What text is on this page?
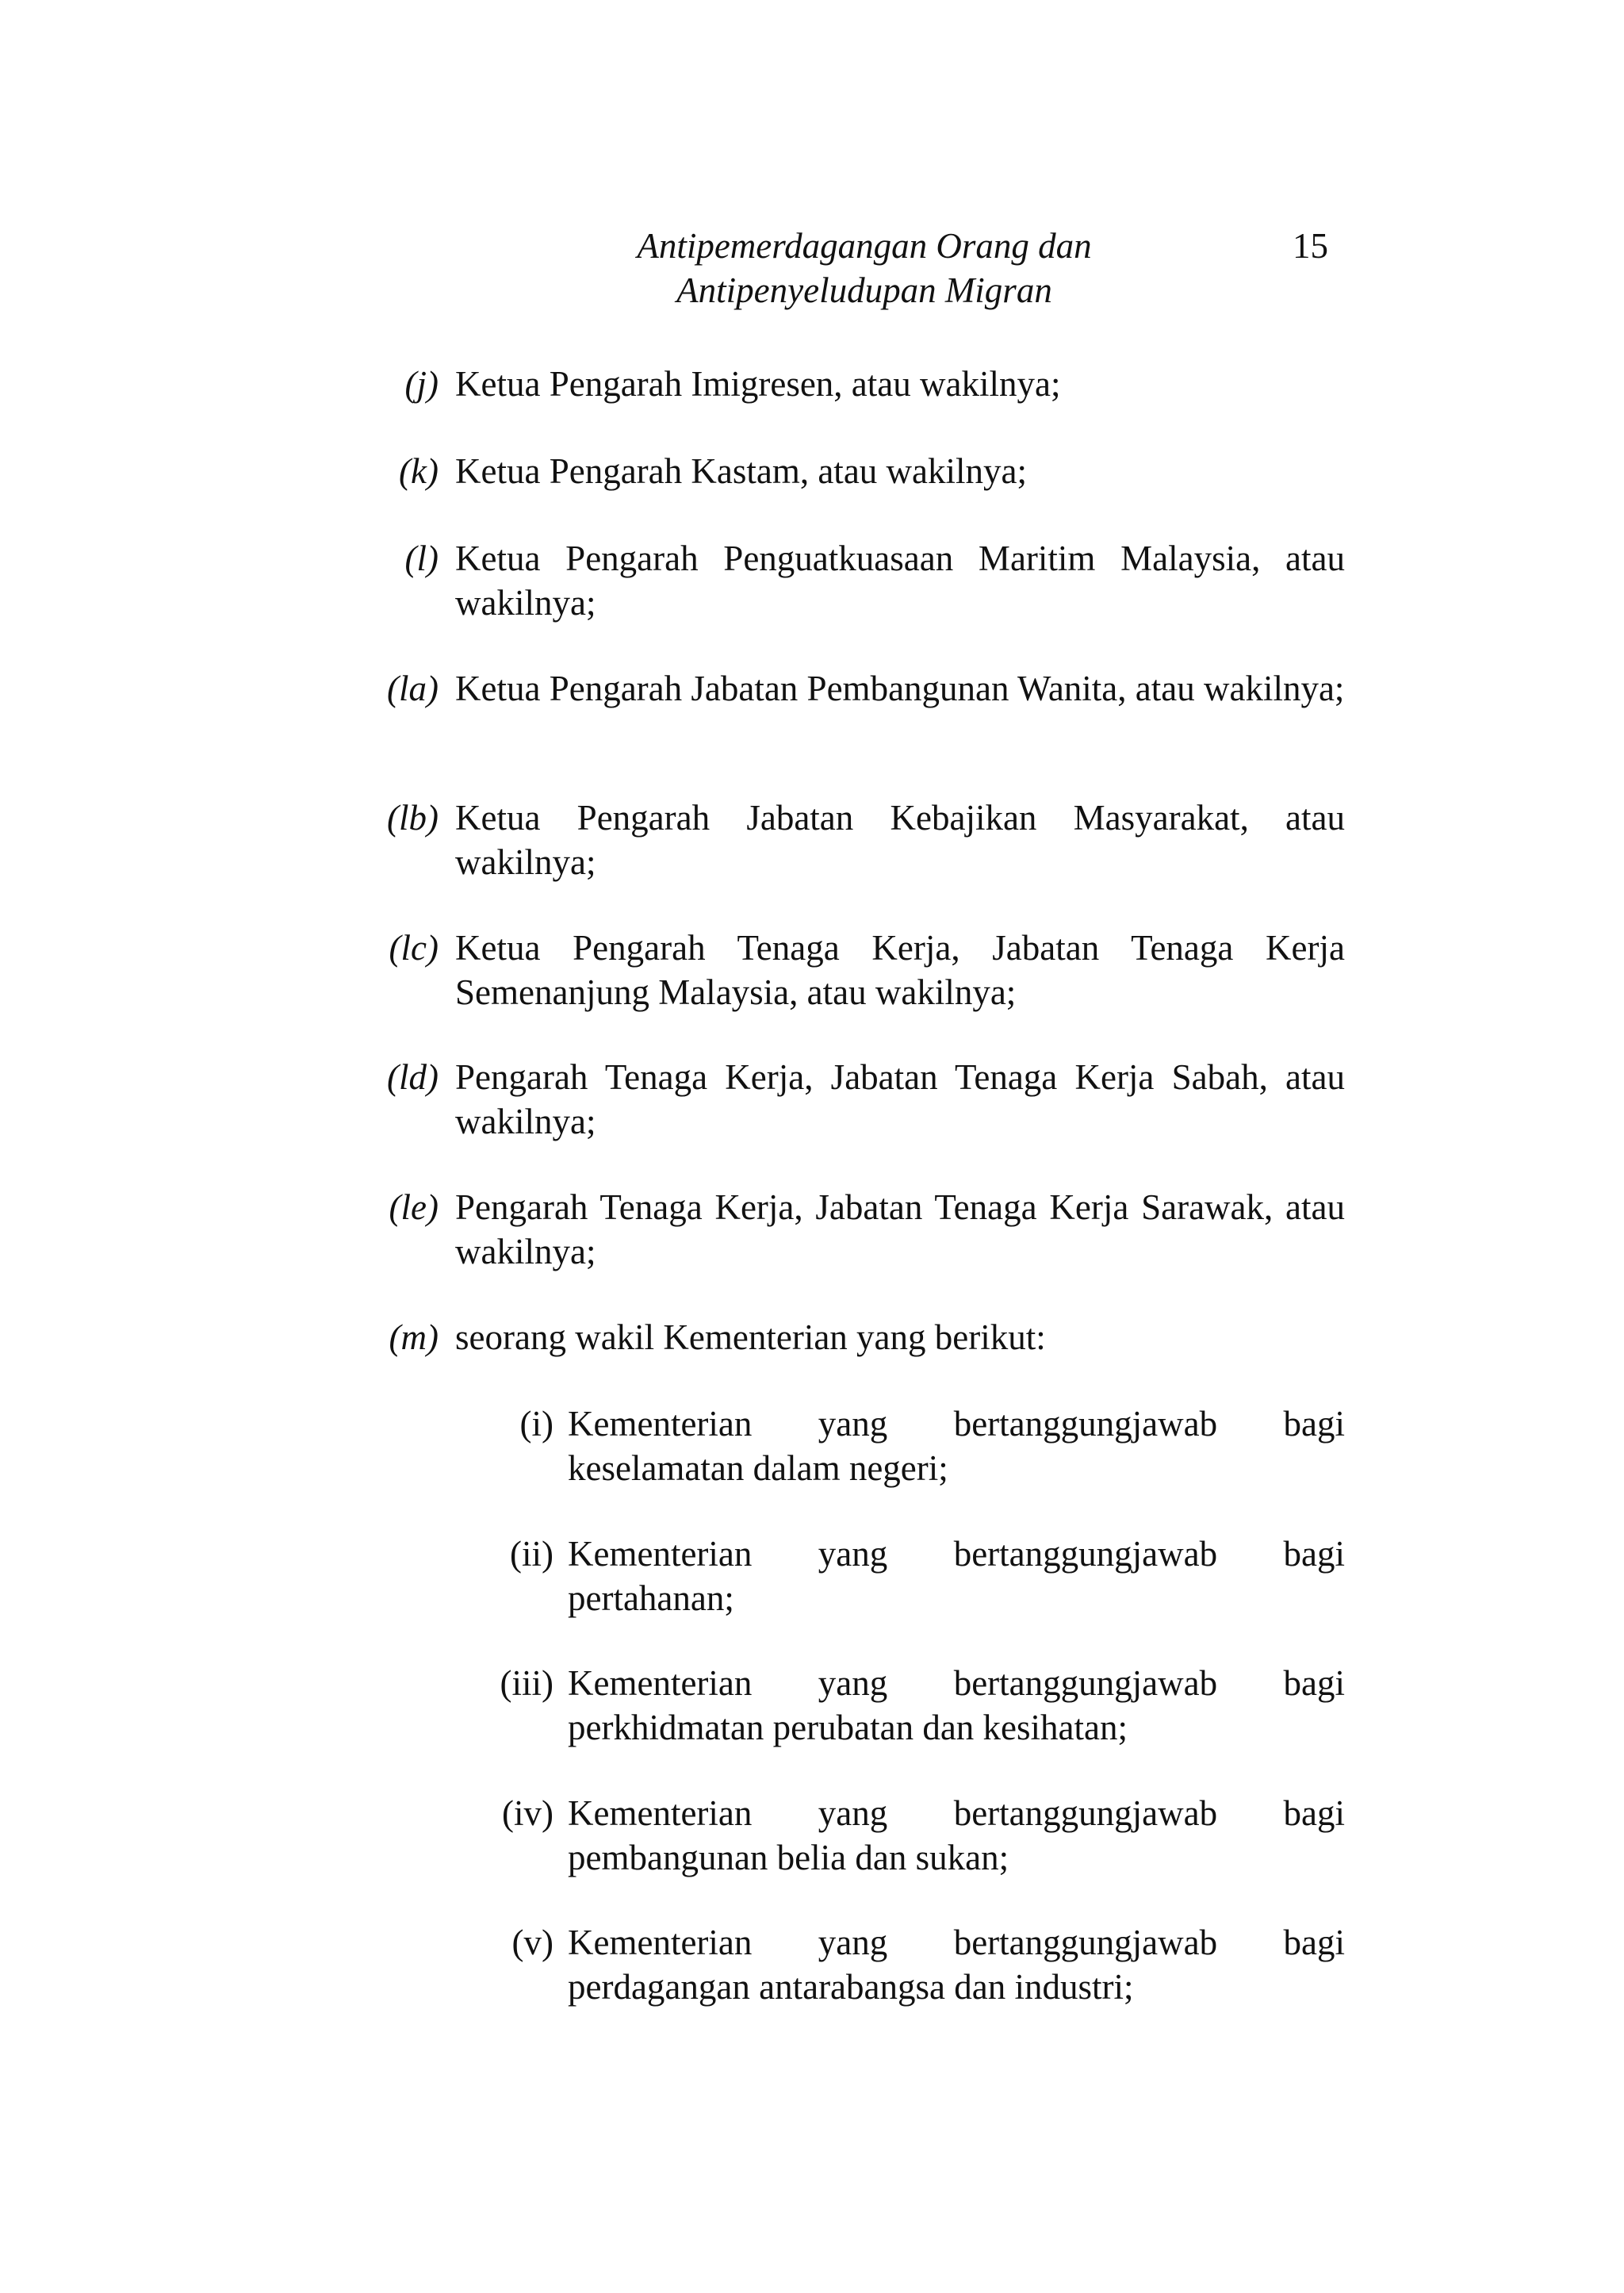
Antipemerdagangan Orang dan
Antipenyeludupan Migran
15
(j) Ketua Pengarah Imigresen, atau wakilnya;
(k) Ketua Pengarah Kastam, atau wakilnya;
(l) Ketua Pengarah Penguatkuasaan Maritim Malaysia, atau wakilnya;
(la) Ketua Pengarah Jabatan Pembangunan Wanita, atau wakilnya;
(lb) Ketua Pengarah Jabatan Kebajikan Masyarakat, atau wakilnya;
(lc) Ketua Pengarah Tenaga Kerja, Jabatan Tenaga Kerja Semenanjung Malaysia, atau wakilnya;
(ld) Pengarah Tenaga Kerja, Jabatan Tenaga Kerja Sabah, atau wakilnya;
(le) Pengarah Tenaga Kerja, Jabatan Tenaga Kerja Sarawak, atau wakilnya;
(m) seorang wakil Kementerian yang berikut:
(i) Kementerian yang bertanggungjawab bagi keselamatan dalam negeri;
(ii) Kementerian yang bertanggungjawab bagi pertahanan;
(iii) Kementerian yang bertanggungjawab bagi perkhidmatan perubatan dan kesihatan;
(iv) Kementerian yang bertanggungjawab bagi pembangunan belia dan sukan;
(v) Kementerian yang bertanggungjawab bagi perdagangan antarabangsa dan industri;
